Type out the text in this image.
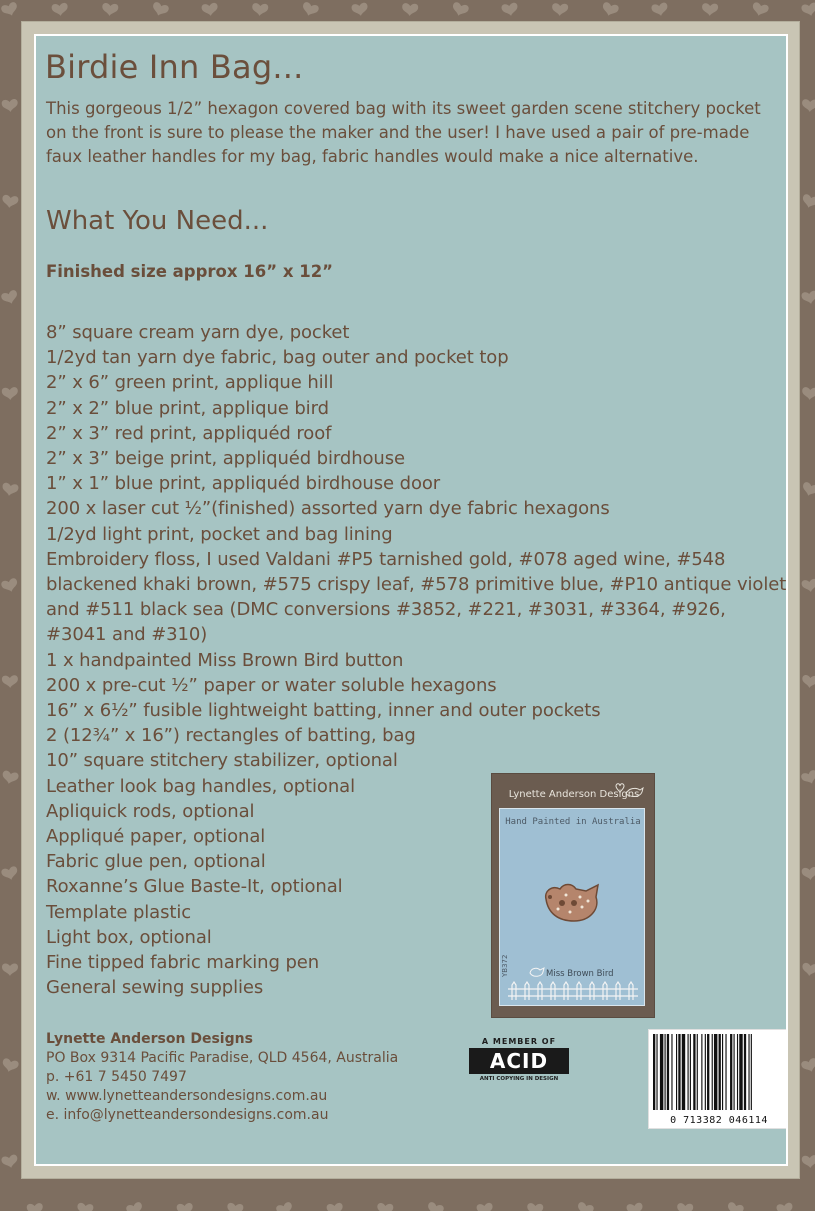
Birdie Inn Bag...

This gorgeous 1/2” hexagon covered bag with its sweet garden scene stitchery pocket on the front is sure to please the maker and the user! I have used a pair of pre-made faux leather handles for my bag, fabric handles would make a nice alternative.

What You Need...

Finished size approx 16” x 12”

8” square cream yarn dye, pocket
1/2yd tan yarn dye fabric, bag outer and pocket top
2” x 6” green print, applique hill
2” x 2” blue print, applique bird
2” x 3” red print, appliquéd roof
2” x 3” beige print, appliquéd birdhouse
1” x 1” blue print, appliquéd birdhouse door
200 x laser cut ½”(finished) assorted yarn dye fabric hexagons
1/2yd light print, pocket and bag lining
Embroidery floss, I used Valdani #P5 tarnished gold, #078 aged wine, #548 blackened khaki brown, #575 crispy leaf, #578 primitive blue, #P10 antique violet and #511 black sea (DMC conversions #3852, #221, #3031, #3364, #926, #3041 and #310)
1 x handpainted Miss Brown Bird button
200 x pre-cut ½” paper or water soluble hexagons
16” x 6½” fusible lightweight batting, inner and outer pockets
2 (12¾” x 16”) rectangles of batting, bag
10” square stitchery stabilizer, optional
Leather look bag handles, optional
Apliquick rods, optional
Appliqué paper, optional
Fabric glue pen, optional
Roxanne’s Glue Baste-It, optional
Template plastic
Light box, optional
Fine tipped fabric marking pen
General sewing supplies
Lynette Anderson Designs
Hand Painted in Australia
YB372	Miss Brown Bird
Lynette Anderson Designs
PO Box 9314 Pacific Paradise, QLD 4564, Australia
p. +61 7 5450 7497
w. www.lynetteandersondesigns.com.au
e. info@lynetteandersondesigns.com.au
A MEMBER OF
ACID
ANTI COPYING IN DESIGN
0 713382 046114
